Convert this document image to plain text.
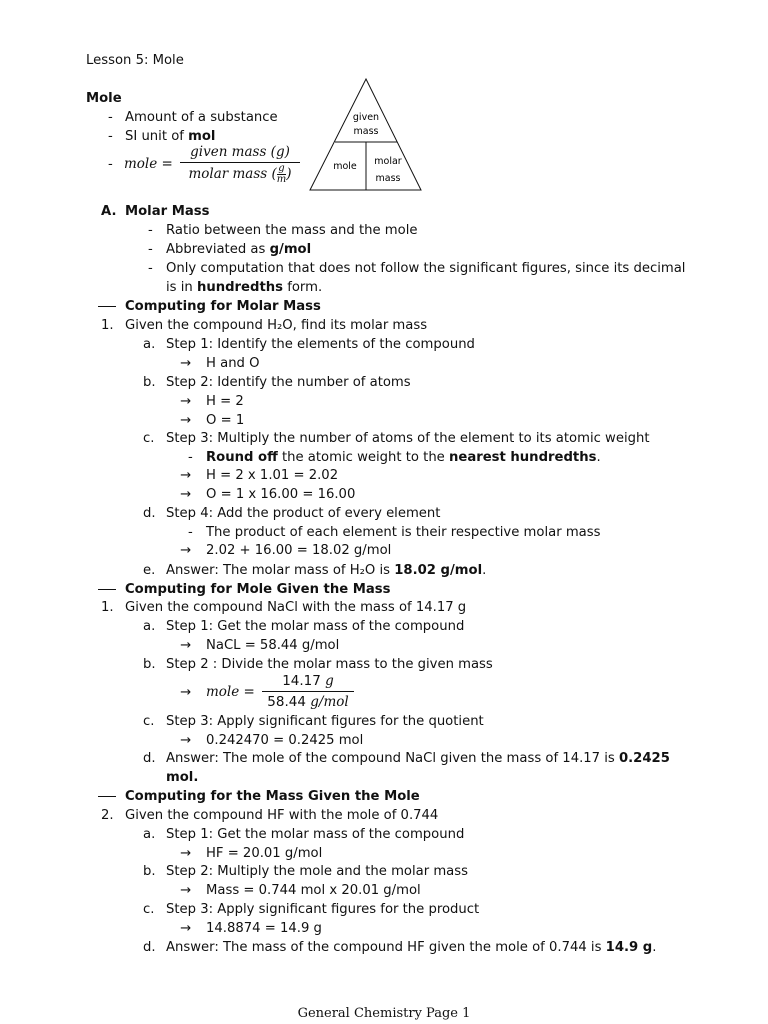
Lesson 5: Mole
Mole
- Amount of a substance
- SI unit of mol
- mole =
given mass (g)
molar mass ( $\frac{g}{m}$ )
given
mass
mole molar
mass
A. Molar Mass
- Ratio between the mass and the mole
- Abbreviated as g/mol
- Only computation that does not follow the significant figures, since its decimal
is in hundredths form.
Computing for Molar Mass
1. Given the compound H₂O, find its molar mass
a. Step 1: Identify the elements of the compound
→ H and O
b. Step 2: Identify the number of atoms
→ H = 2
→ O = 1
c. Step 3: Multiply the number of atoms of the element to its atomic weight
- Round off the atomic weight to the nearest hundredths.
→ H = 2 x 1.01 = 2.02
→ O = 1 x 16.00 = 16.00
d. Step 4: Add the product of every element
- The product of each element is their respective molar mass
→ 2.02 + 16.00 = 18.02 g/mol
e. Answer: The molar mass of H₂O is 18.02 g/mol.
Computing for Mole Given the Mass
1. Given the compound NaCl with the mass of 14.17 g
a. Step 1: Get the molar mass of the compound
→ NaCL = 58.44 g/mol
b. Step 2 : Divide the molar mass to the given mass
→ mole =
14.17 g
58.44 g/mol
c. Step 3: Apply significant figures for the quotient
→ 0.242470 = 0.2425 mol
d. Answer: The mole of the compound NaCl given the mass of 14.17 is 0.2425
mol.
Computing for the Mass Given the Mole
2. Given the compound HF with the mole of 0.744
a. Step 1: Get the molar mass of the compound
→ HF = 20.01 g/mol
b. Step 2: Multiply the mole and the molar mass
→ Mass = 0.744 mol x 20.01 g/mol
c. Step 3: Apply significant figures for the product
→ 14.8874 = 14.9 g
d. Answer: The mass of the compound HF given the mole of 0.744 is 14.9 g.
General Chemistry Page 1
